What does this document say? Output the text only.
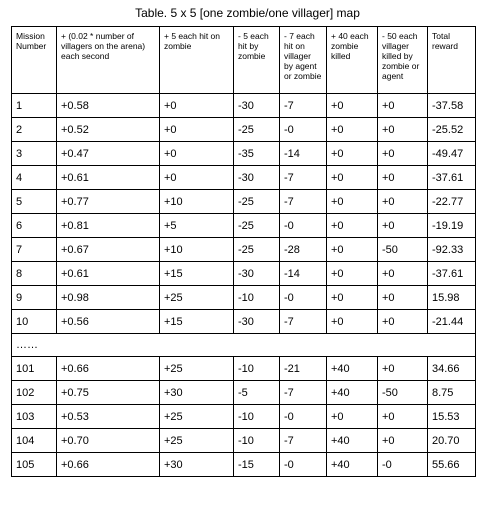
Table. 5 x 5 [one zombie/one villager] map
Mission Number	+ (0.02 * number of villagers on the arena) each second	+ 5 each hit on zombie	- 5 each hit by zombie	- 7 each hit on villager by agent or zombie	+ 40 each zombie killed	- 50 each villager killed by zombie or agent	Total reward
1	+0.58	+0	-30	-7	+0	+0	-37.58
2	+0.52	+0	-25	-0	+0	+0	-25.52
3	+0.47	+0	-35	-14	+0	+0	-49.47
4	+0.61	+0	-30	-7	+0	+0	-37.61
5	+0.77	+10	-25	-7	+0	+0	-22.77
6	+0.81	+5	-25	-0	+0	+0	-19.19
7	+0.67	+10	-25	-28	+0	-50	-92.33
8	+0.61	+15	-30	-14	+0	+0	-37.61
9	+0.98	+25	-10	-0	+0	+0	15.98
10	+0.56	+15	-30	-7	+0	+0	-21.44
……							
101	+0.66	+25	-10	-21	+40	+0	34.66
102	+0.75	+30	-5	-7	+40	-50	8.75
103	+0.53	+25	-10	-0	+0	+0	15.53
104	+0.70	+25	-10	-7	+40	+0	20.70
105	+0.66	+30	-15	-0	+40	-0	55.66
